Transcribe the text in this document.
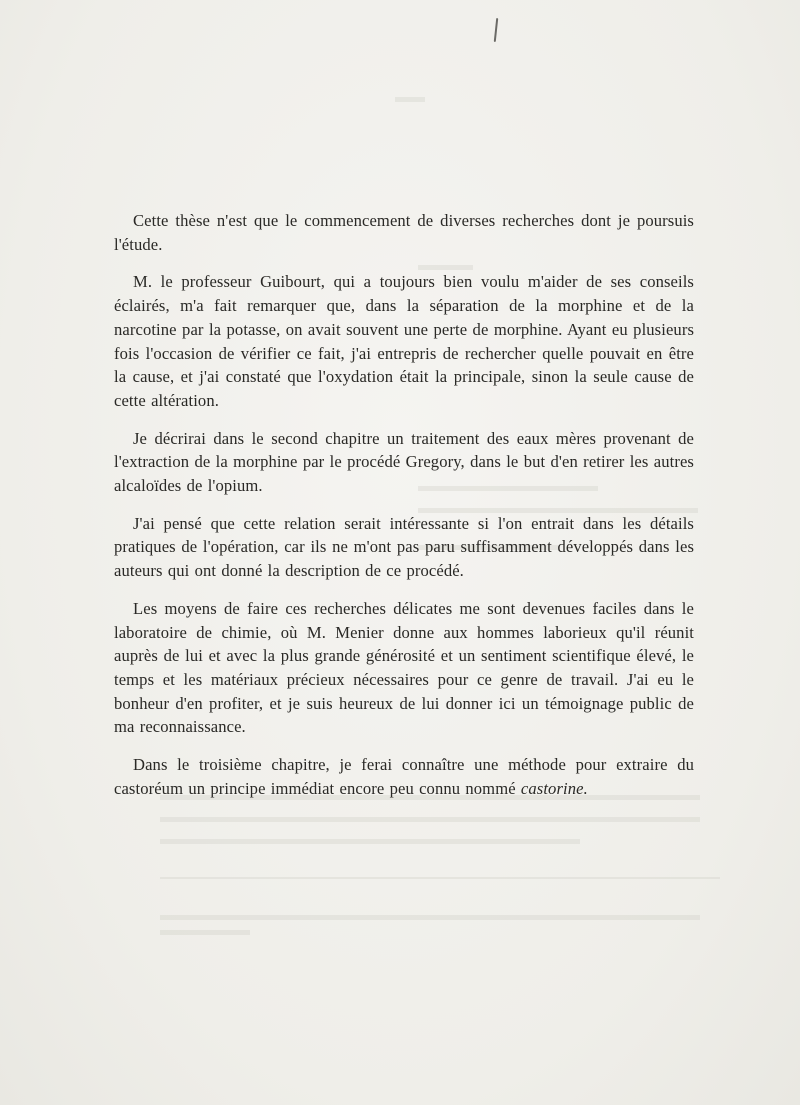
Cette thèse n'est que le commencement de diverses recherches dont je poursuis l'étude.

M. le professeur Guibourt, qui a toujours bien voulu m'aider de ses conseils éclairés, m'a fait remarquer que, dans la séparation de la morphine et de la narcotine par la potasse, on avait souvent une perte de morphine. Ayant eu plusieurs fois l'occasion de vérifier ce fait, j'ai entrepris de rechercher quelle pouvait en être la cause, et j'ai constaté que l'oxydation était la principale, sinon la seule cause de cette altération.

Je décrirai dans le second chapitre un traitement des eaux mères provenant de l'extraction de la morphine par le procédé Gregory, dans le but d'en retirer les autres alcaloïdes de l'opium.

J'ai pensé que cette relation serait intéressante si l'on entrait dans les détails pratiques de l'opération, car ils ne m'ont pas paru suffisamment développés dans les auteurs qui ont donné la description de ce procédé.

Les moyens de faire ces recherches délicates me sont devenues faciles dans le laboratoire de chimie, où M. Menier donne aux hommes laborieux qu'il réunit auprès de lui et avec la plus grande générosité et un sentiment scientifique élevé, le temps et les matériaux précieux nécessaires pour ce genre de travail. J'ai eu le bonheur d'en profiter, et je suis heureux de lui donner ici un témoignage public de ma reconnaissance.

Dans le troisième chapitre, je ferai connaître une méthode pour extraire du castoréum un principe immédiat encore peu connu nommé castorine.
